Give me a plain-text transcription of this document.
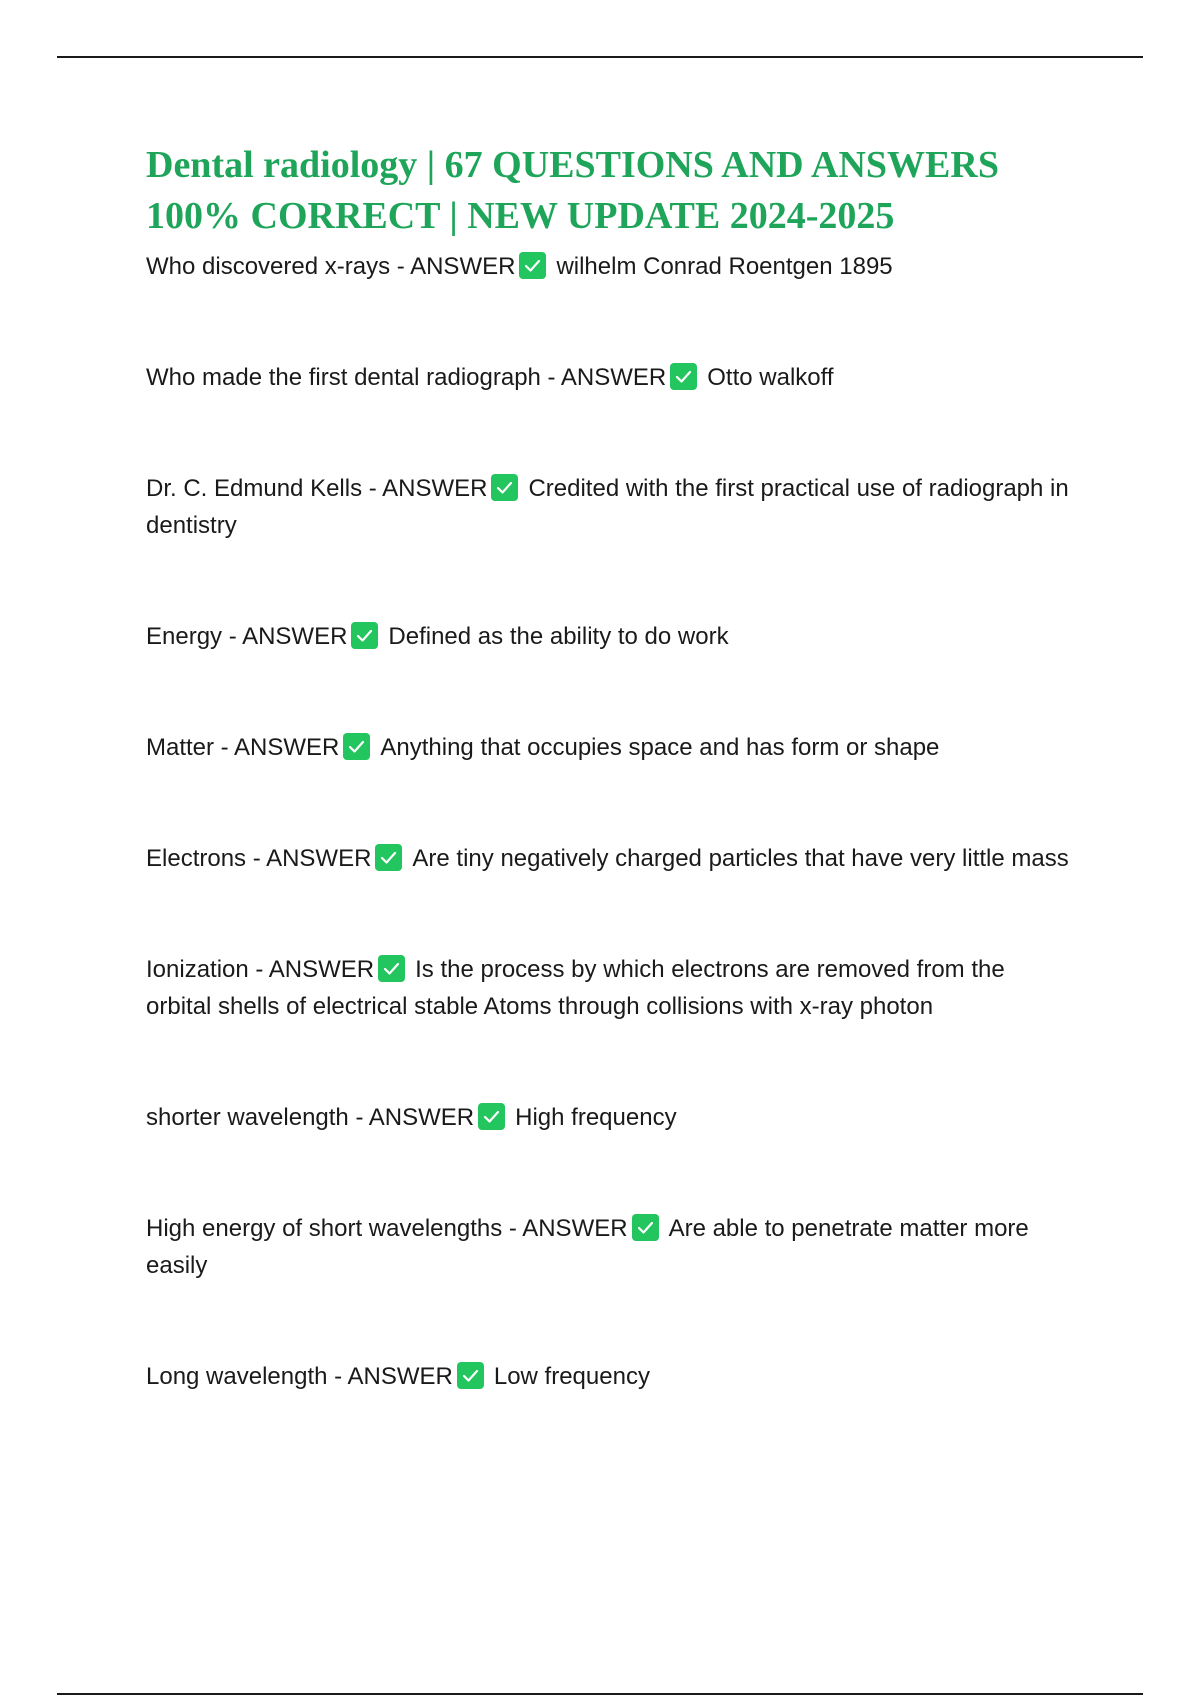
Dental radiology | 67 QUESTIONS AND ANSWERS 100% CORRECT | NEW UPDATE 2024-2025
Who discovered x-rays - ANSWER wilhelm Conrad Roentgen 1895
Who made the first dental radiograph - ANSWER Otto walkoff
Dr. C. Edmund Kells - ANSWER Credited with the first practical use of radiograph in dentistry
Energy - ANSWER Defined as the ability to do work
Matter - ANSWER Anything that occupies space and has form or shape
Electrons - ANSWER Are tiny negatively charged particles that have very little mass
Ionization - ANSWER Is the process by which electrons are removed from the orbital shells of electrical stable Atoms through collisions with x-ray photon
shorter wavelength - ANSWER High frequency
High energy of short wavelengths - ANSWER Are able to penetrate matter more easily
Long wavelength - ANSWER Low frequency
